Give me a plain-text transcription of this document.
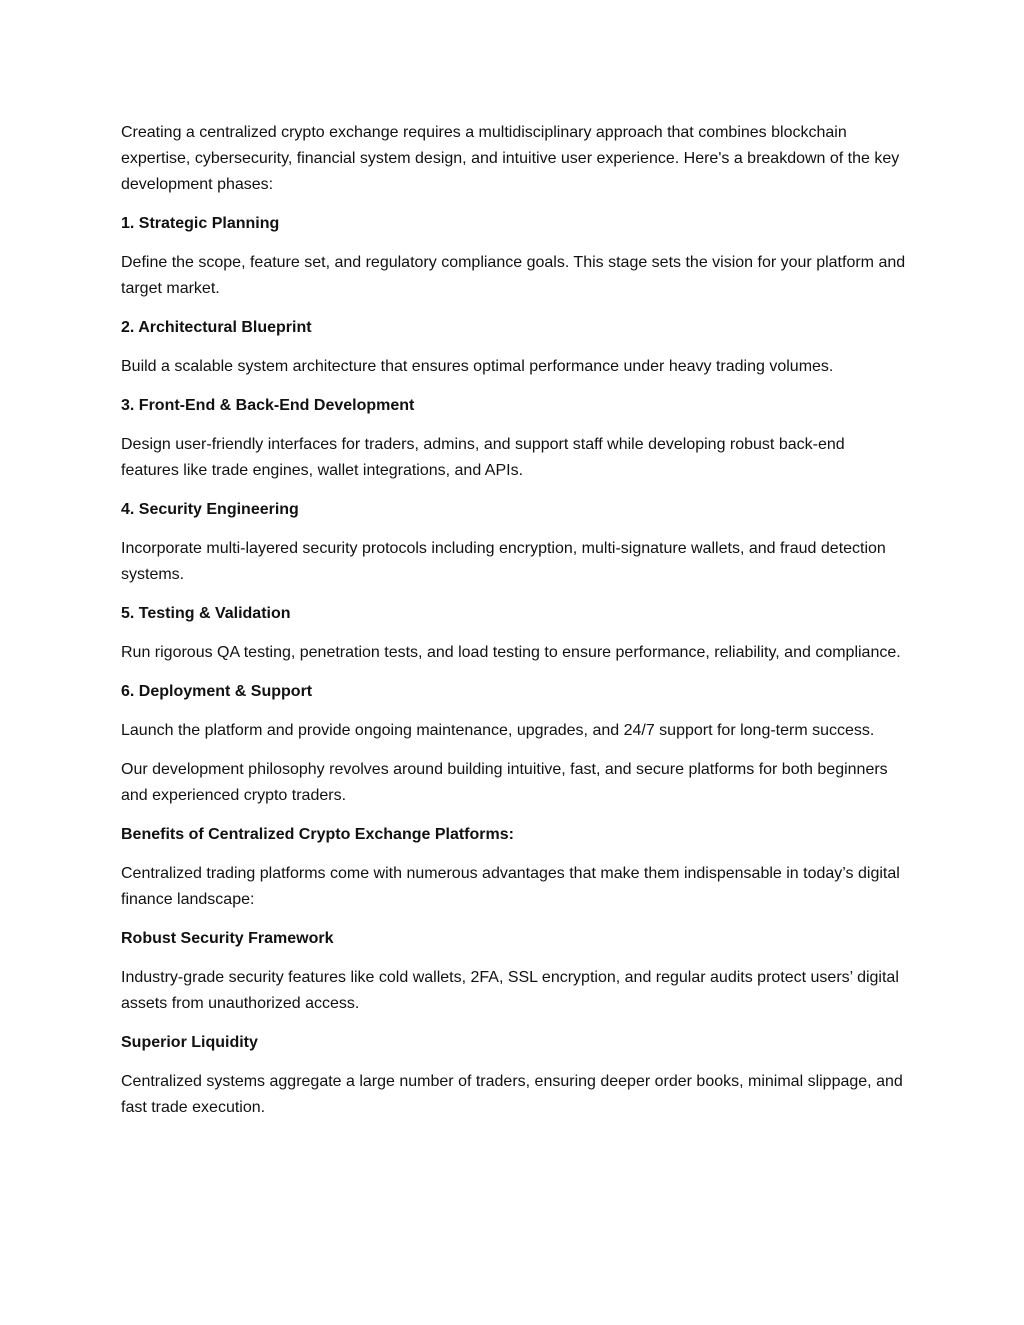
Creating a centralized crypto exchange requires a multidisciplinary approach that combines blockchain expertise, cybersecurity, financial system design, and intuitive user experience. Here's a breakdown of the key development phases:

1. Strategic Planning

Define the scope, feature set, and regulatory compliance goals. This stage sets the vision for your platform and target market.

2. Architectural Blueprint

Build a scalable system architecture that ensures optimal performance under heavy trading volumes.

3. Front-End & Back-End Development

Design user-friendly interfaces for traders, admins, and support staff while developing robust back-end features like trade engines, wallet integrations, and APIs.

4. Security Engineering

Incorporate multi-layered security protocols including encryption, multi-signature wallets, and fraud detection systems.

5. Testing & Validation

Run rigorous QA testing, penetration tests, and load testing to ensure performance, reliability, and compliance.

6. Deployment & Support

Launch the platform and provide ongoing maintenance, upgrades, and 24/7 support for long-term success.

Our development philosophy revolves around building intuitive, fast, and secure platforms for both beginners and experienced crypto traders.

Benefits of Centralized Crypto Exchange Platforms:

Centralized trading platforms come with numerous advantages that make them indispensable in today’s digital finance landscape:

Robust Security Framework

Industry-grade security features like cold wallets, 2FA, SSL encryption, and regular audits protect users’ digital assets from unauthorized access.

Superior Liquidity

Centralized systems aggregate a large number of traders, ensuring deeper order books, minimal slippage, and fast trade execution.
